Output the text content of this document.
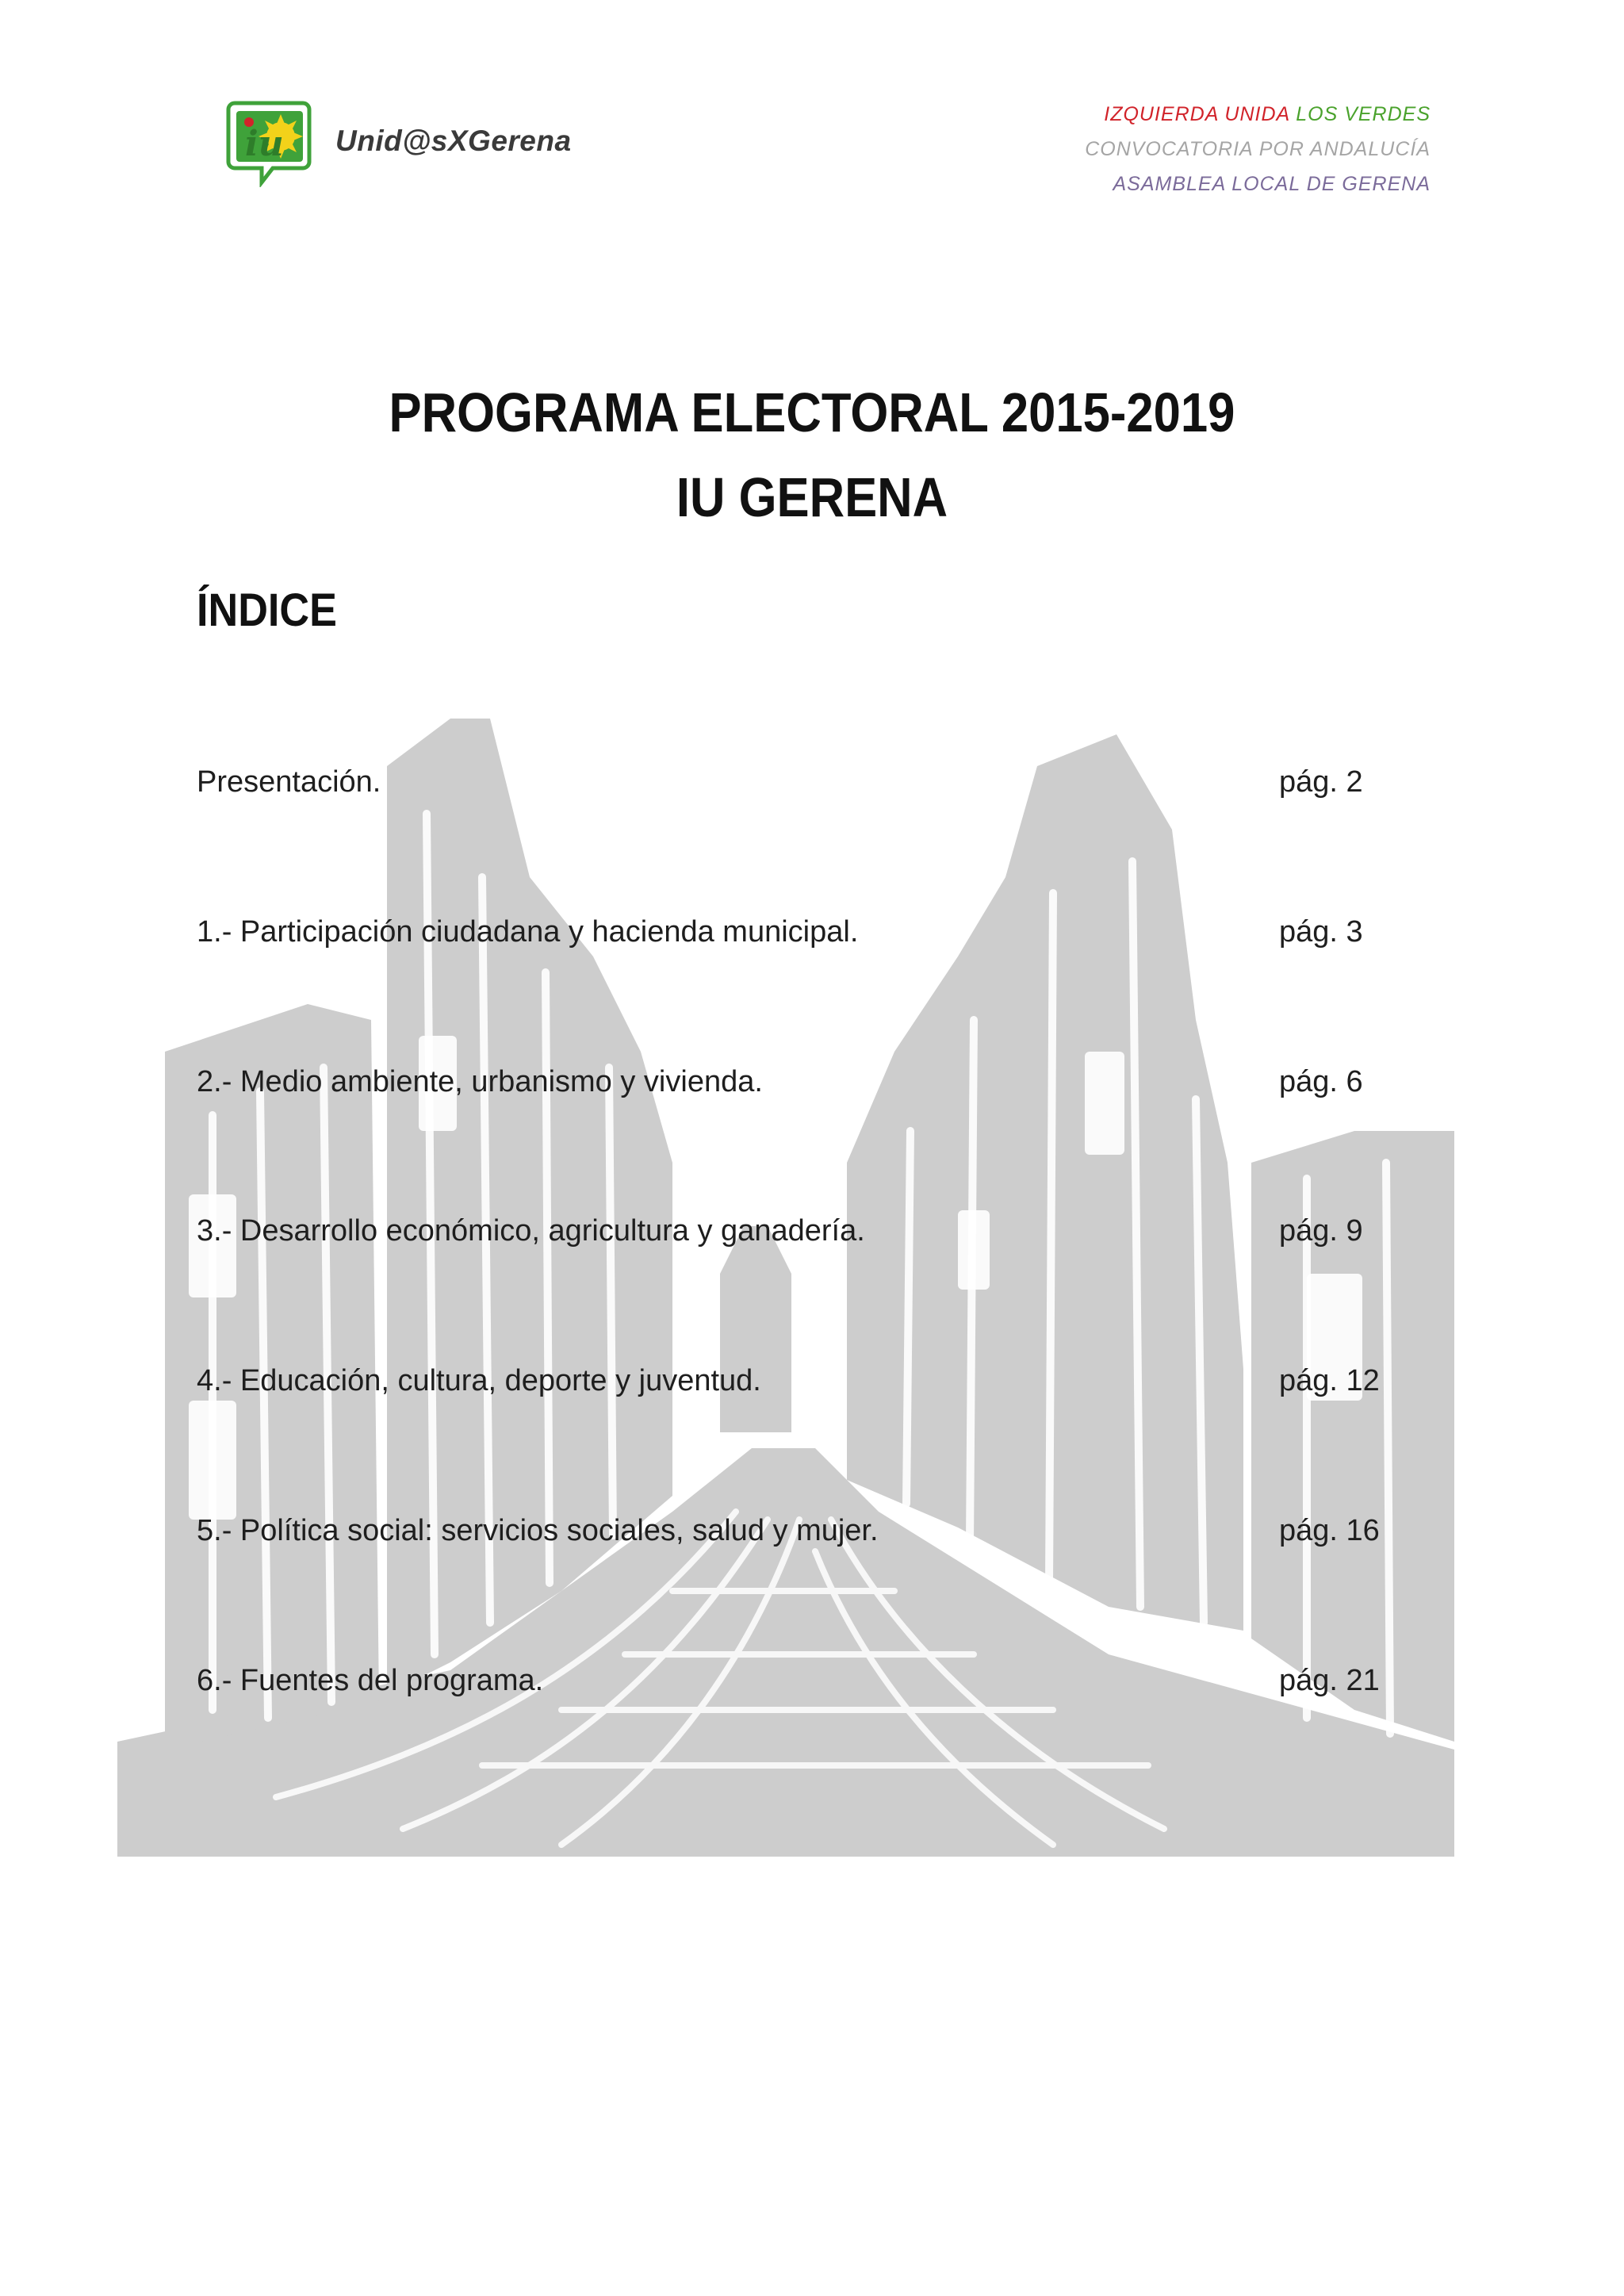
iu Unid@sXGerena
IZQUIERDA UNIDA LOS VERDES
CONVOCATORIA POR ANDALUCÍA
ASAMBLEA LOCAL DE GERENA
PROGRAMA ELECTORAL 2015-2019
IU GERENA
ÍNDICE
Presentación.	pág. 2
1.- Participación ciudadana y hacienda municipal.	pág. 3
2.- Medio ambiente, urbanismo y vivienda.	pág. 6
3.- Desarrollo económico, agricultura y ganadería.	pág. 9
4.- Educación, cultura, deporte y juventud.	pág. 12
5.- Política social: servicios sociales, salud y mujer.	pág. 16
6.- Fuentes del programa.	pág. 21
